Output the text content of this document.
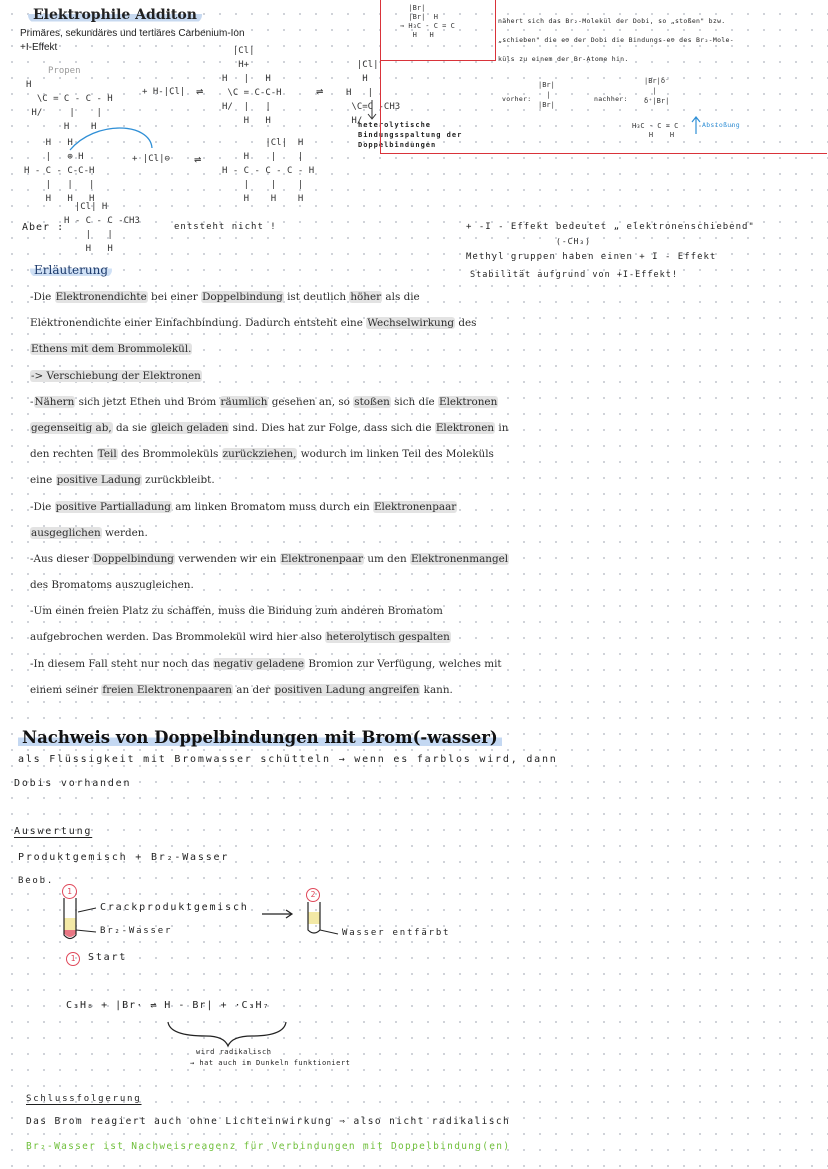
Elektrophile Additon
Primäres, sekundäres und tertiäres Carbenium-Ion
+I-Effekt
Propen
H
\C = C - C - H
H/     |    |
H    H
+ H-|Cl| ⇌
|Cl|
H+
H   |   H
\C = C-C-H
H/  |   |
H   H
⇌
|Cl|
H
H   |
\C=C -CH3
H/
heterolytische
Bindungsspaltung der
Doppelbindungen
H   H
|   ⊕ H
H - C - C-C-H
|   |   |
H   H   H
+ |Cl|⊖ ⇌
|Cl|  H
H    |    |
H - C - C - C - H
|    |    |
H    H    H
Aber :
|Cl| H
H - C - C -CH3
|   |
H   H
entsteht nicht !
|Br|
|Br|  H
⇒ H₃C - C = C
H   H
nähert sich das Br₂-Molekül der Dobi, so „stoßen" bzw.
„schieben" die e⊖ der Dobi die Bindungs-e⊖ des Br₂-Mole-
küls zu einem der Br-Atome hin.
vorher:
|Br|
|
|Br|
nachher:
|Br|δ⁻
|
δ⁺|Br|
H₃C - C = C
H    H
Abstoßung
+ -I - Effekt bedeutet „ elektronenschiebend"
(-CH₃)
Methyl gruppen haben einen + I - Effekt
Stabilität aufgrund von +I-Effekt!
Erläuterung
-Die Elektronendichte bei einer Doppelbindung ist deutlich höher als die
Elektronendichte einer Einfachbindung. Dadurch entsteht eine Wechselwirkung des
Ethens mit dem Brommolekül.
-> Verschiebung der Elektronen
-Nähern sich jetzt Ethen und Brom räumlich gesehen an, so stoßen sich die Elektronen
gegenseitig ab, da sie gleich geladen sind. Dies hat zur Folge, dass sich die Elektronen in
den rechten Teil des Brommoleküls zurückziehen, wodurch im linken Teil des Moleküls
eine positive Ladung zurückbleibt.
-Die positive Partialladung am linken Bromatom muss durch ein Elektronenpaar
ausgeglichen werden.
-Aus dieser Doppelbindung verwenden wir ein Elektronenpaar um den Elektronenmangel
des Bromatoms auszugleichen.
-Um einen freien Platz zu schaffen, muss die Bindung zum anderen Bromatom
aufgebrochen werden. Das Brommolekül wird hier also heterolytisch gespalten
-In diesem Fall steht nur noch das negativ geladene Bromion zur Verfügung, welches mit
einem seiner freien Elektronenpaaren an der positiven Ladung angreifen kann.
Nachweis von Doppelbindungen mit Brom(-wasser)
als Flüssigkeit mit Bromwasser schütteln → wenn es farblos wird, dann
Dobis vorhanden
Auswertung
Produktgemisch + Br₂-Wasser
Beob.
1	2
Crackproduktgemisch
Br₂-Wasser	Wasser entfärbt
1	Start
C₃H₈ + |Br· ⇌ H - Br| + ·C₃H₇
wird radikalisch
→ hat auch im Dunkeln funktioniert
Schlussfolgerung
Das Brom reagiert auch ohne Lichteinwirkung ⇒ also nicht radikalisch
Br₂-Wasser ist Nachweisreagenz für Verbindungen mit Doppelbindung(en)
